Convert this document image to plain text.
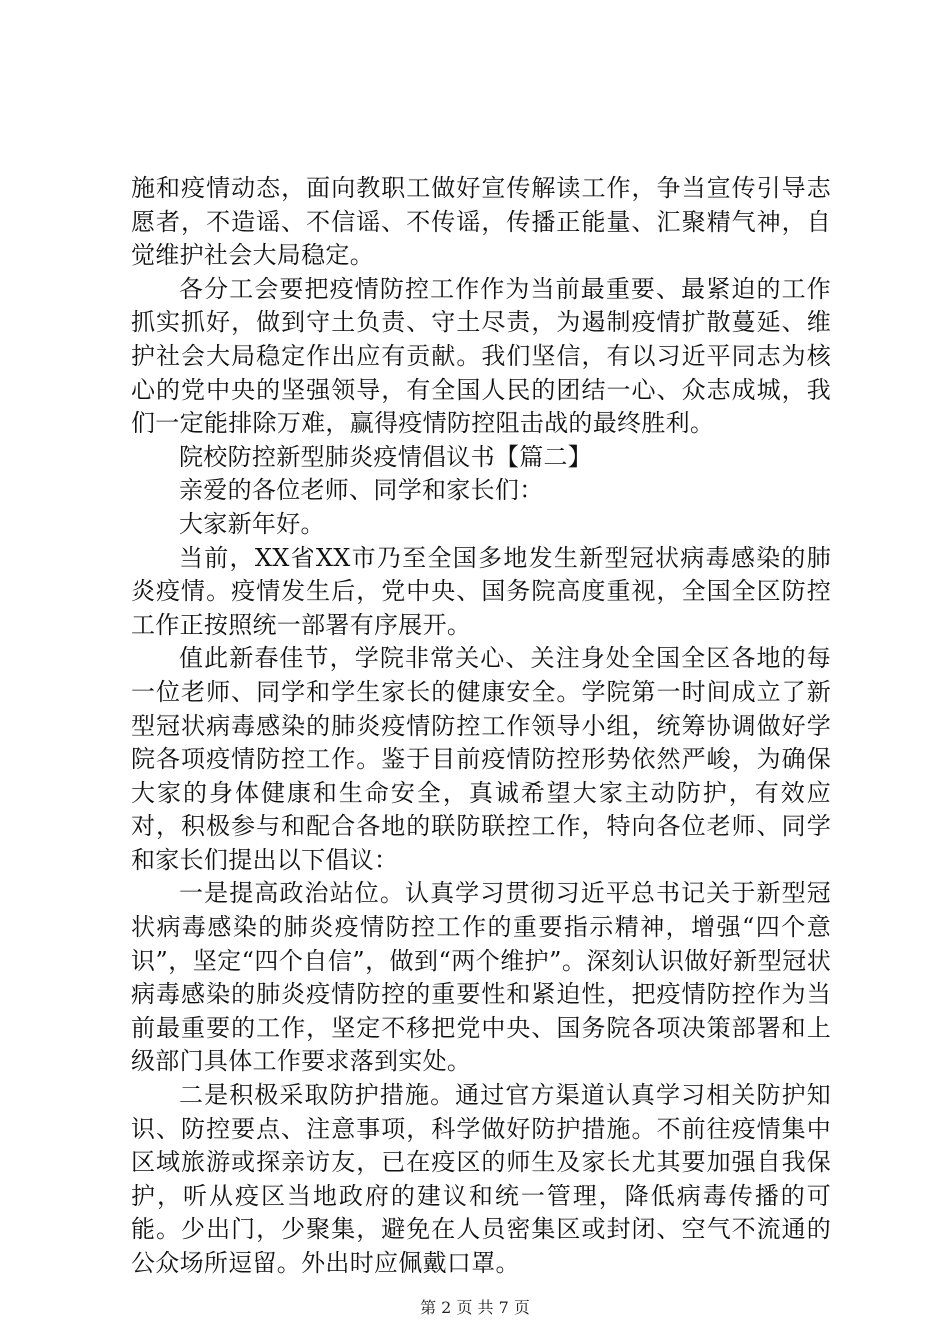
施和疫情动态，面向教职工做好宣传解读工作，争当宣传引导志愿者，不造谣、不信谣、不传谣，传播正能量、汇聚精气神，自觉维护社会大局稳定。

各分工会要把疫情防控工作作为当前最重要、最紧迫的工作抓实抓好，做到守土负责、守土尽责，为遏制疫情扩散蔓延、维护社会大局稳定作出应有贡献。我们坚信，有以习近平同志为核心的党中央的坚强领导，有全国人民的团结一心、众志成城，我们一定能排除万难，赢得疫情防控阻击战的最终胜利。

院校防控新型肺炎疫情倡议书【篇二】

亲爱的各位老师、同学和家长们：

大家新年好。

当前，XX省XX市乃至全国多地发生新型冠状病毒感染的肺炎疫情。疫情发生后，党中央、国务院高度重视，全国全区防控工作正按照统一部署有序展开。

值此新春佳节，学院非常关心、关注身处全国全区各地的每一位老师、同学和学生家长的健康安全。学院第一时间成立了新型冠状病毒感染的肺炎疫情防控工作领导小组，统筹协调做好学院各项疫情防控工作。鉴于目前疫情防控形势依然严峻，为确保大家的身体健康和生命安全，真诚希望大家主动防护，有效应对，积极参与和配合各地的联防联控工作，特向各位老师、同学和家长们提出以下倡议：

一是提高政治站位。认真学习贯彻习近平总书记关于新型冠状病毒感染的肺炎疫情防控工作的重要指示精神，增强“四个意识”，坚定“四个自信”，做到“两个维护”。深刻认识做好新型冠状病毒感染的肺炎疫情防控的重要性和紧迫性，把疫情防控作为当前最重要的工作，坚定不移把党中央、国务院各项决策部署和上级部门具体工作要求落到实处。

二是积极采取防护措施。通过官方渠道认真学习相关防护知识、防控要点、注意事项，科学做好防护措施。不前往疫情集中区域旅游或探亲访友，已在疫区的师生及家长尤其要加强自我保护，听从疫区当地政府的建议和统一管理，降低病毒传播的可能。少出门，少聚集，避免在人员密集区或封闭、空气不流通的公众场所逗留。外出时应佩戴口罩。

第 2 页 共 7 页
